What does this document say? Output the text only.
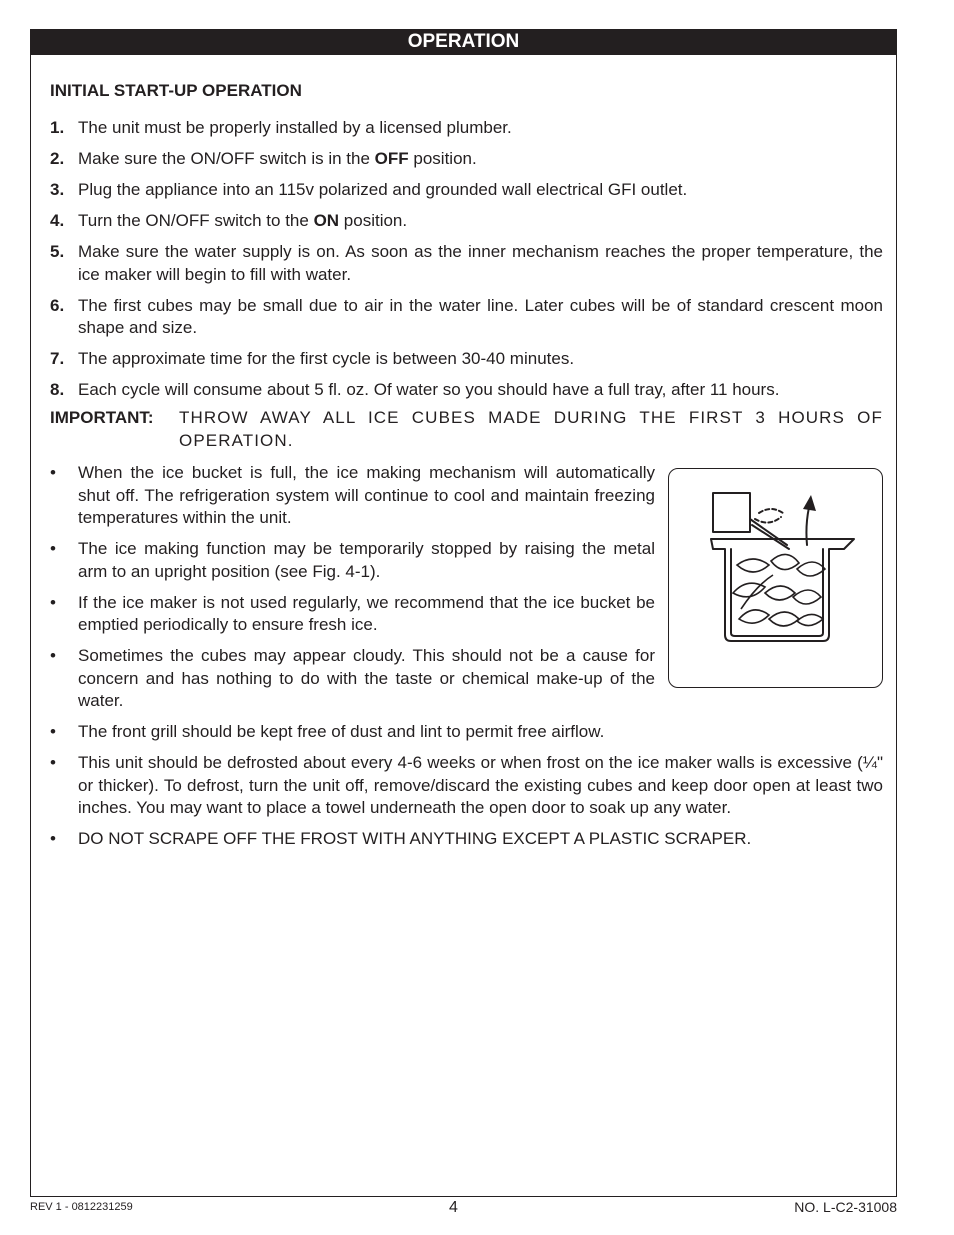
OPERATION
INITIAL START-UP OPERATION
1. The unit must be properly installed by a licensed plumber.
2. Make sure the ON/OFF switch is in the OFF position.
3. Plug the appliance into an 115v polarized and grounded wall electrical GFI outlet.
4. Turn the ON/OFF switch to the ON position.
5. Make sure the water supply is on. As soon as the inner mechanism reaches the proper temperature, the ice maker will begin to fill with water.
6. The first cubes may be small due to air in the water line. Later cubes will be of standard crescent moon shape and size.
7. The approximate time for the first cycle is between 30-40 minutes.
8. Each cycle will consume about 5 fl. oz. Of water so you should have a full tray, after 11 hours.
IMPORTANT:	THROW AWAY ALL ICE CUBES MADE DURING THE FIRST 3 HOURS OF OPERATION.
•	When the ice bucket is full, the ice making mechanism will automatically shut off. The refrigeration system will continue to cool and maintain freezing temperatures within the unit.
•	The ice making function may be temporarily stopped by raising the metal arm to an upright position (see Fig. 4-1).
•	If the ice maker is not used regularly, we recommend that the ice bucket be emptied periodically to ensure fresh ice.
•	Sometimes the cubes may appear cloudy. This should not be a cause for concern and has nothing to do with the taste or chemical make-up of the water.
•	The front grill should be kept free of dust and lint to permit free airflow.
•	This unit should be defrosted about every 4-6 weeks or when frost on the ice maker walls is excessive (¼" or thicker). To defrost, turn the unit off, remove/discard the existing cubes and keep door open at least two inches. You may want to place a towel underneath the open door to soak up any water.
•	DO NOT SCRAPE OFF THE FROST WITH ANYTHING EXCEPT A PLASTIC SCRAPER.
REV 1 - 0812231259	4	NO. L-C2-31008
